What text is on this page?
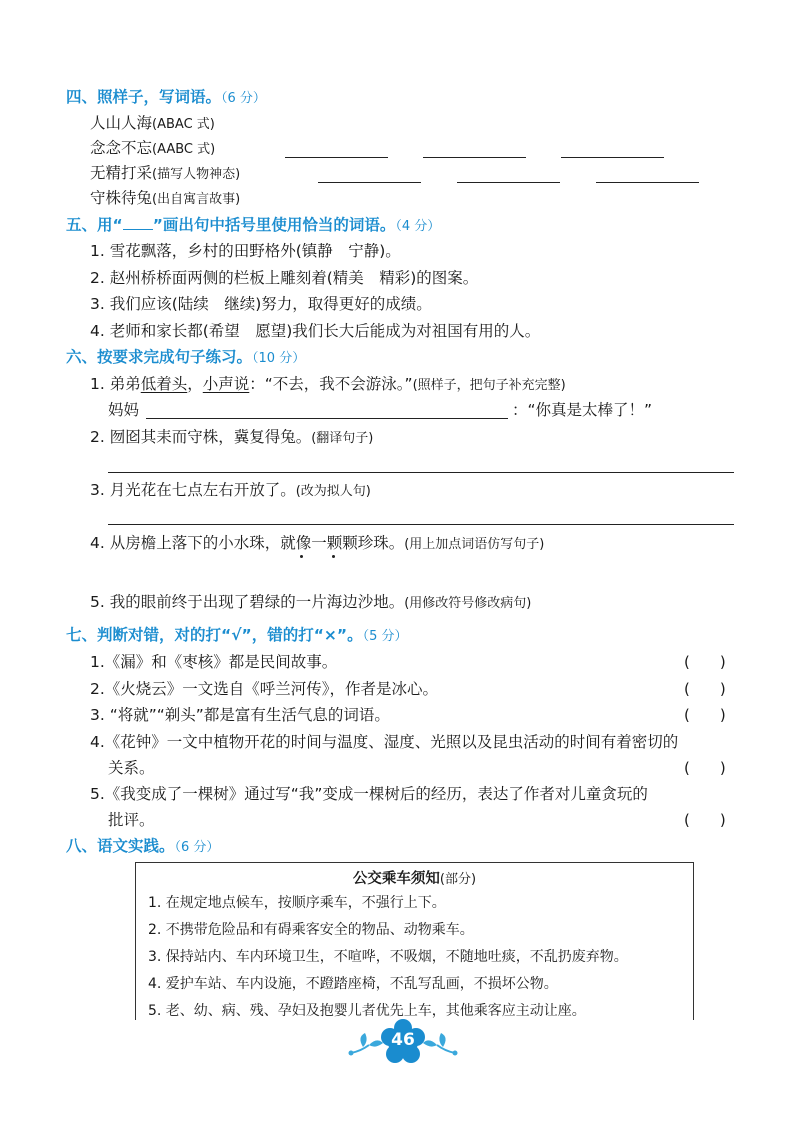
四、照样子，写词语。（6 分）
人山人海(ABAC 式)
念念不忘(AABC 式)
无精打采(描写人物神态)
守株待兔(出自寓言故事)
五、用“ ”画出句中括号里使用恰当的词语。（4 分）
1. 雪花飘落，乡村的田野格外(镇静　宁静)。
2. 赵州桥桥面两侧的栏板上雕刻着(精美　精彩)的图案。
3. 我们应该(陆续　继续)努力，取得更好的成绩。
4. 老师和家长都(希望　愿望)我们长大后能成为对祖国有用的人。
六、按要求完成句子练习。（10 分）
1. 弟弟低着头，小声说：“不去，我不会游泳。”(照样子，把句子补充完整)
妈妈	：“你真是太棒了！”
2. 囫囵其耒而守株，冀复得兔。(翻译句子)
3. 月光花在七点左右开放了。(改为拟人句)
4. 从房檐上落下的小水珠，就像一颗颗珍珠。(用上加点词语仿写句子)
5. 我的眼前终于出现了碧绿的一片海边沙地。(用修改符号修改病句)
七、判断对错，对的打“√”，错的打“×”。（5 分）
1.《漏》和《枣核》都是民间故事。	(　　)
2.《火烧云》一文选自《呼兰河传》，作者是冰心。	(　　)
3. “将就”“剃头”都是富有生活气息的词语。	(　　)
4.《花钟》一文中植物开花的时间与温度、湿度、光照以及昆虫活动的时间有着密切的
关系。	(　　)
5.《我变成了一棵树》通过写“我”变成一棵树后的经历，表达了作者对儿童贪玩的
批评。	(　　)
八、语文实践。（6 分）
公交乘车须知(部分)
1. 在规定地点候车，按顺序乘车，不强行上下。
2. 不携带危险品和有碍乘客安全的物品、动物乘车。
3. 保持站内、车内环境卫生，不喧哗，不吸烟，不随地吐痰，不乱扔废弃物。
4. 爱护车站、车内设施，不蹬踏座椅，不乱写乱画，不损坏公物。
5. 老、幼、病、残、孕妇及抱婴儿者优先上车，其他乘客应主动让座。
46
